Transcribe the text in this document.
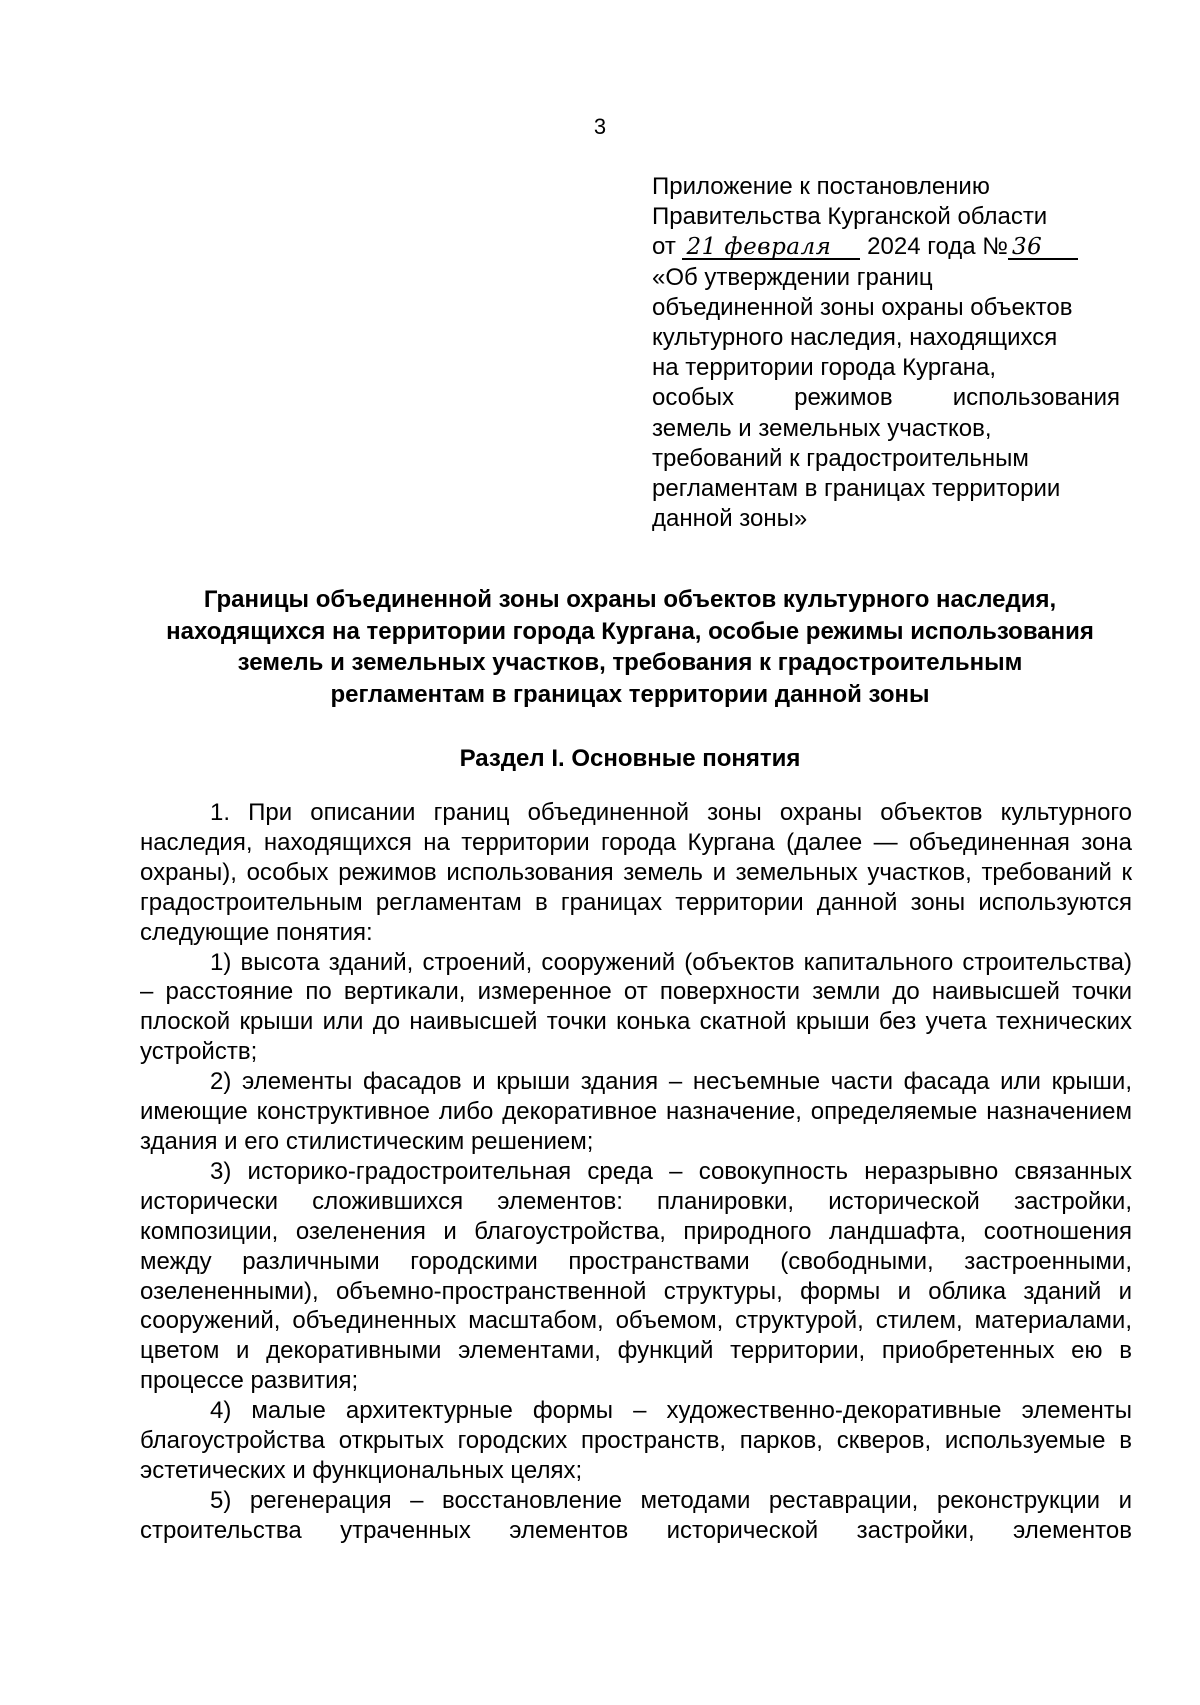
3
Приложение к постановлению
Правительства Курганской области
от 21 февраля 2024 года № 36
«Об утверждении границ
объединенной зоны охраны объектов
культурного наследия, находящихся
на территории города Кургана,
особых режимов использования
земель и земельных участков,
требований к градостроительным
регламентам в границах территории
данной зоны»
Границы объединенной зоны охраны объектов культурного наследия,
находящихся на территории города Кургана, особые режимы использования
земель и земельных участков, требования к градостроительным
регламентам в границах территории данной зоны
Раздел I. Основные понятия

1. При описании границ объединенной зоны охраны объектов культурного наследия, находящихся на территории города Кургана (далее — объединенная зона охраны), особых режимов использования земель и земельных участков, требований к градостроительным регламентам в границах территории данной зоны используются следующие понятия:

1) высота зданий, строений, сооружений (объектов капитального строительства) – расстояние по вертикали, измеренное от поверхности земли до наивысшей точки плоской крыши или до наивысшей точки конька скатной крыши без учета технических устройств;

2) элементы фасадов и крыши здания – несъемные части фасада или крыши, имеющие конструктивное либо декоративное назначение, определяемые назначением здания и его стилистическим решением;

3) историко-градостроительная среда – совокупность неразрывно связанных исторически сложившихся элементов: планировки, исторической застройки, композиции, озеленения и благоустройства, природного ландшафта, соотношения между различными городскими пространствами (свободными, застроенными, озелененными), объемно-пространственной структуры, формы и облика зданий и сооружений, объединенных масштабом, объемом, структурой, стилем, материалами, цветом и декоративными элементами, функций территории, приобретенных ею в процессе развития;

4) малые архитектурные формы – художественно-декоративные элементы благоустройства открытых городских пространств, парков, скверов, используемые в эстетических и функциональных целях;

5) регенерация – восстановление методами реставрации, реконструкции и строительства утраченных элементов исторической застройки, элементов
